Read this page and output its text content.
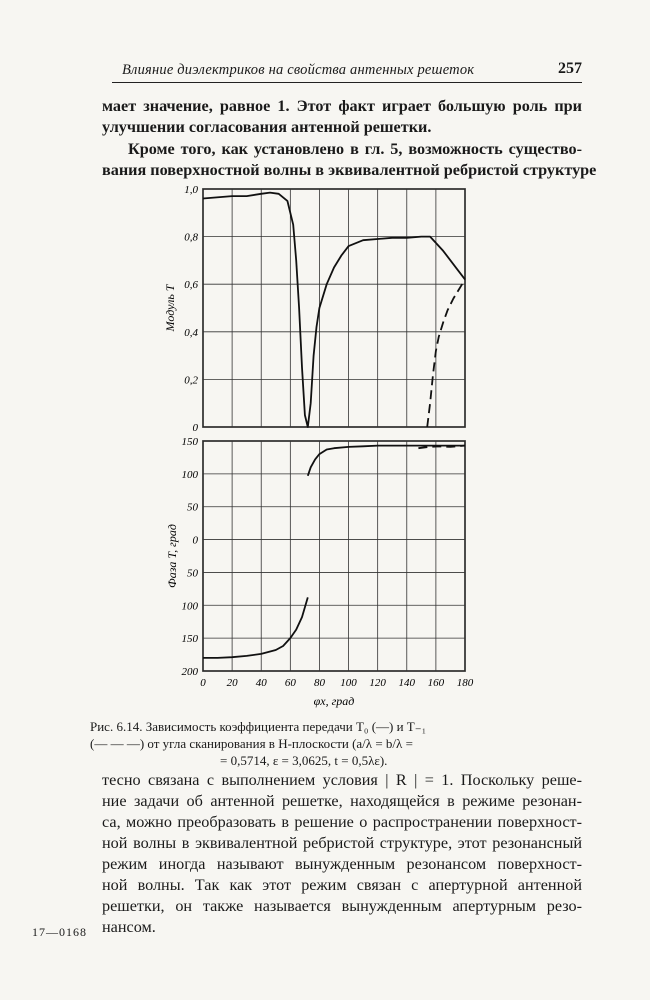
Влияние диэлектриков на свойства антенных решеток	257
мает значение, равное 1. Этот факт играет большую роль при
улучшении согласования антенной решетки.
Кроме того, как установлено в гл. 5, возможность существо-
вания поверхностной волны в эквивалентной ребристой структуре
1,0
0,8
0,6
0,4
0,2
0
Модуль T
150
100
50
0
50
100
150
200
0 20 40 60 80 100 120 140 160 180
Фаза T, град
φx, град
Рис. 6.14. Зависимость коэффициента передачи T₀ (—) и T₋₁
(— — —) от угла сканирования в H-плоскости (a/λ = b/λ =
= 0,5714, ε = 3,0625, t = 0,5λε).
тесно связана с выполнением условия | R | = 1. Поскольку реше-
ние задачи об антенной решетке, находящейся в режиме резонан-
са, можно преобразовать в решение о распространении поверхност-
ной волны в эквивалентной ребристой структуре, этот резонансный
режим иногда называют вынужденным резонансом поверхност-
ной волны. Так как этот режим связан с апертурной антенной
решетки, он также называется вынужденным апертурным резо-
нансом.
17—0168
